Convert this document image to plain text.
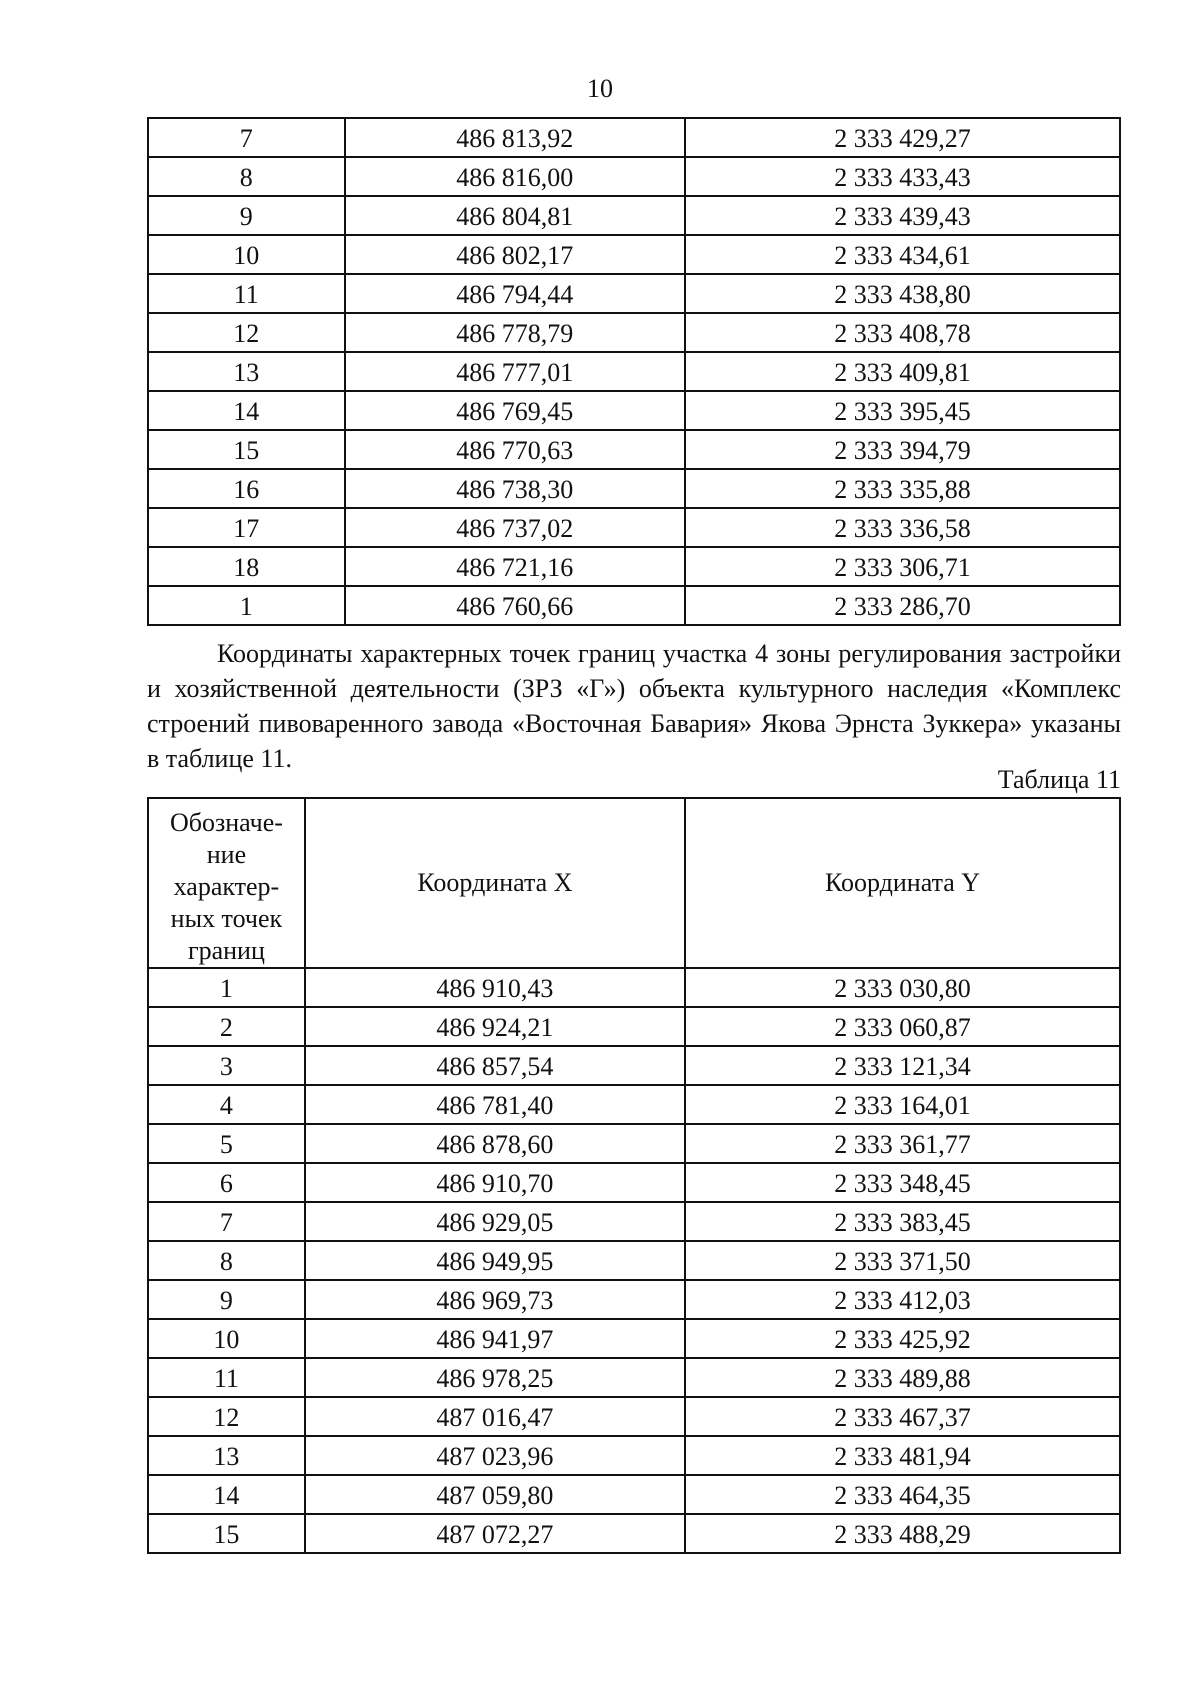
10
7	486 813,92	2 333 429,27
8	486 816,00	2 333 433,43
9	486 804,81	2 333 439,43
10	486 802,17	2 333 434,61
11	486 794,44	2 333 438,80
12	486 778,79	2 333 408,78
13	486 777,01	2 333 409,81
14	486 769,45	2 333 395,45
15	486 770,63	2 333 394,79
16	486 738,30	2 333 335,88
17	486 737,02	2 333 336,58
18	486 721,16	2 333 306,71
1	486 760,66	2 333 286,70
Координаты характерных точек границ участка 4 зоны регулирования застройки и хозяйственной деятельности (ЗРЗ «Г») объекта культурного наследия «Комплекс строений пивоваренного завода «Восточная Бавария» Якова Эрнста Зуккера» указаны в таблице 11.
Таблица 11
Обозначе-
ние
характер-
ных точек
границ	Координата X	Координата Y
1	486 910,43	2 333 030,80
2	486 924,21	2 333 060,87
3	486 857,54	2 333 121,34
4	486 781,40	2 333 164,01
5	486 878,60	2 333 361,77
6	486 910,70	2 333 348,45
7	486 929,05	2 333 383,45
8	486 949,95	2 333 371,50
9	486 969,73	2 333 412,03
10	486 941,97	2 333 425,92
11	486 978,25	2 333 489,88
12	487 016,47	2 333 467,37
13	487 023,96	2 333 481,94
14	487 059,80	2 333 464,35
15	487 072,27	2 333 488,29
